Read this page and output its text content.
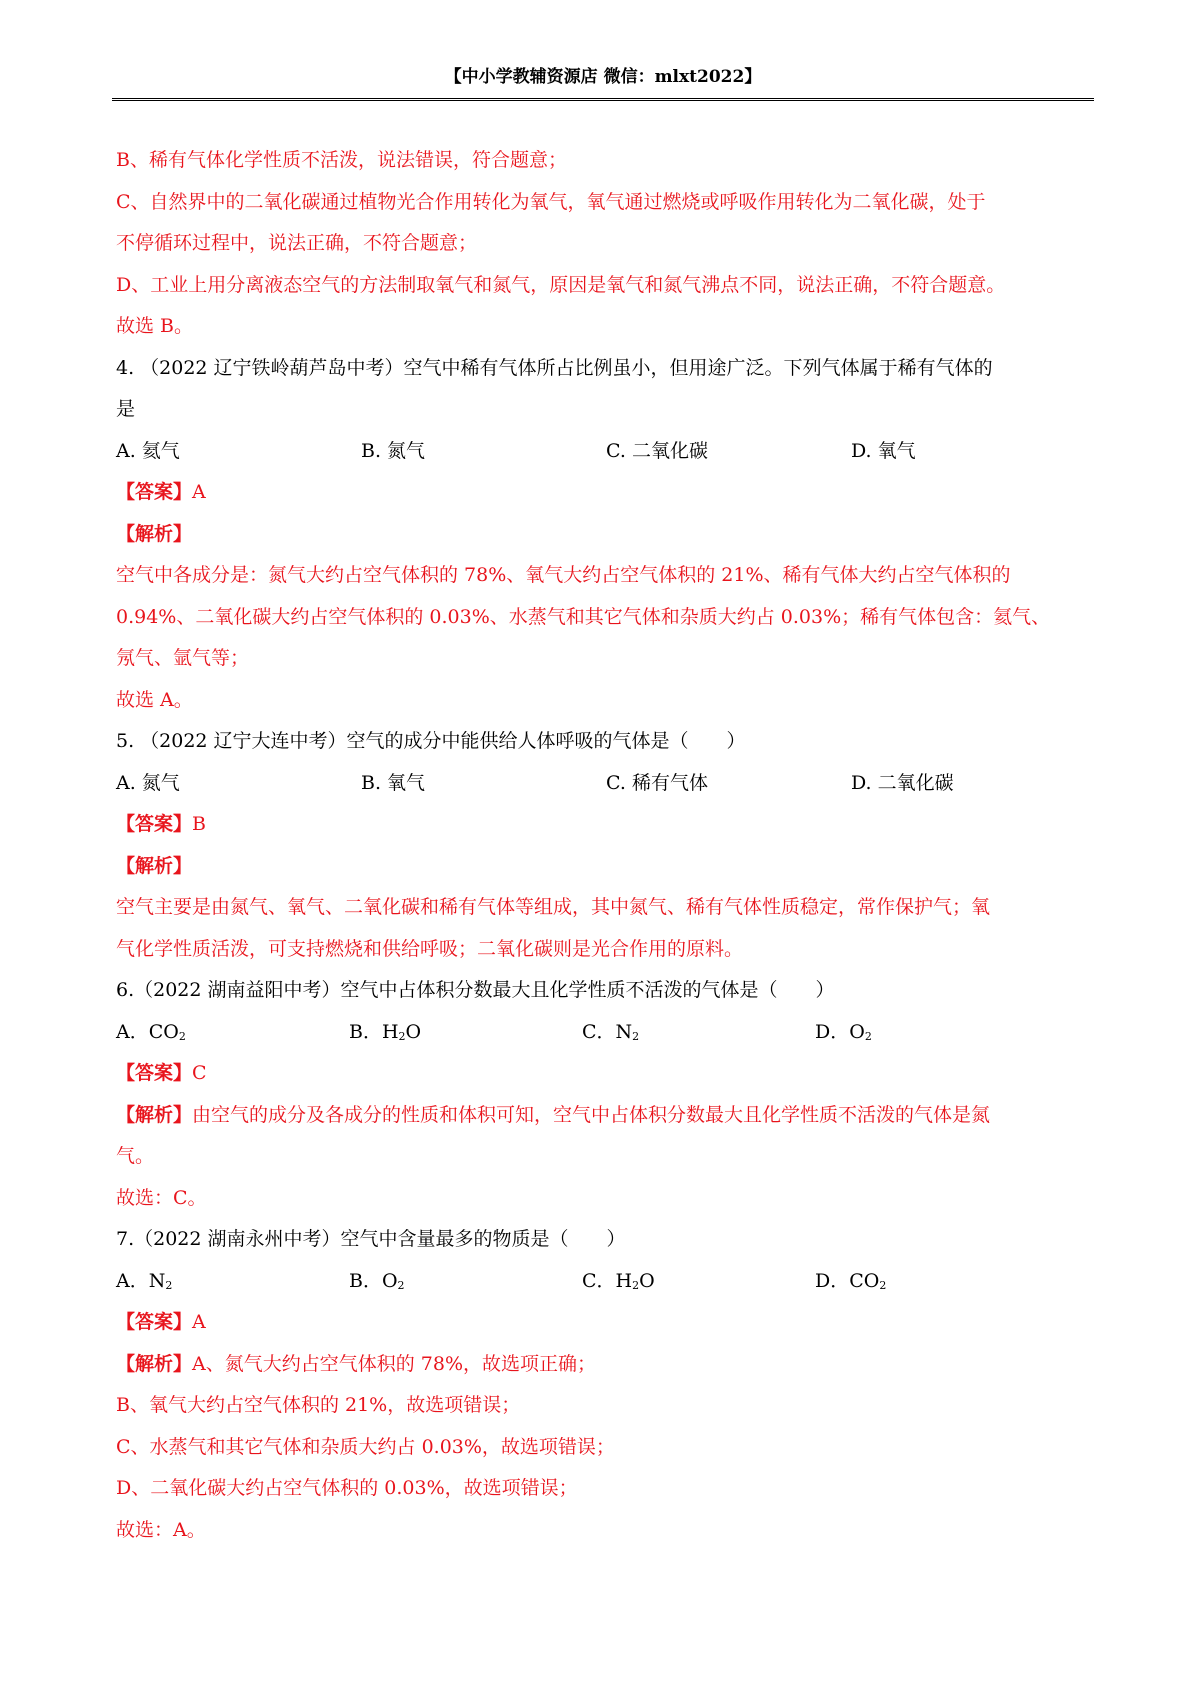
【中小学教辅资源店 微信：mlxt2022】
B、稀有气体化学性质不活泼，说法错误，符合题意；
C、自然界中的二氧化碳通过植物光合作用转化为氧气，氧气通过燃烧或呼吸作用转化为二氧化碳，处于
不停循环过程中，说法正确，不符合题意；
D、工业上用分离液态空气的方法制取氧气和氮气，原因是氧气和氮气沸点不同，说法正确，不符合题意。
故选 B。
4. （2022 辽宁铁岭葫芦岛中考）空气中稀有气体所占比例虽小，但用途广泛。下列气体属于稀有气体的
是
A. 氦气	B. 氮气	C. 二氧化碳	D. 氧气
【答案】A
【解析】
空气中各成分是：氮气大约占空气体积的 78%、氧气大约占空气体积的 21%、稀有气体大约占空气体积的
0.94%、二氧化碳大约占空气体积的 0.03%、水蒸气和其它气体和杂质大约占 0.03%；稀有气体包含：氦气、
氖气、氩气等；
故选 A。
5. （2022 辽宁大连中考）空气的成分中能供给人体呼吸的气体是（　　）
A. 氮气	B. 氧气	C. 稀有气体	D. 二氧化碳
【答案】B
【解析】
空气主要是由氮气、氧气、二氧化碳和稀有气体等组成，其中氮气、稀有气体性质稳定，常作保护气；氧
气化学性质活泼，可支持燃烧和供给呼吸；二氧化碳则是光合作用的原料。
6.（2022 湖南益阳中考）空气中占体积分数最大且化学性质不活泼的气体是（　　）
A．$CO_2$	B．$H_2O$	C．$N_2$	D．$O_2$
【答案】C
【解析】由空气的成分及各成分的性质和体积可知，空气中占体积分数最大且化学性质不活泼的气体是氮
气。
故选：C。
7.（2022 湖南永州中考）空气中含量最多的物质是（　　）
A．$N_2$	B．$O_2$	C．$H_2O$	D．$CO_2$
【答案】A
【解析】A、氮气大约占空气体积的 78%，故选项正确；
B、氧气大约占空气体积的 21%，故选项错误；
C、水蒸气和其它气体和杂质大约占 0.03%，故选项错误；
D、二氧化碳大约占空气体积的 0.03%，故选项错误；
故选：A。
